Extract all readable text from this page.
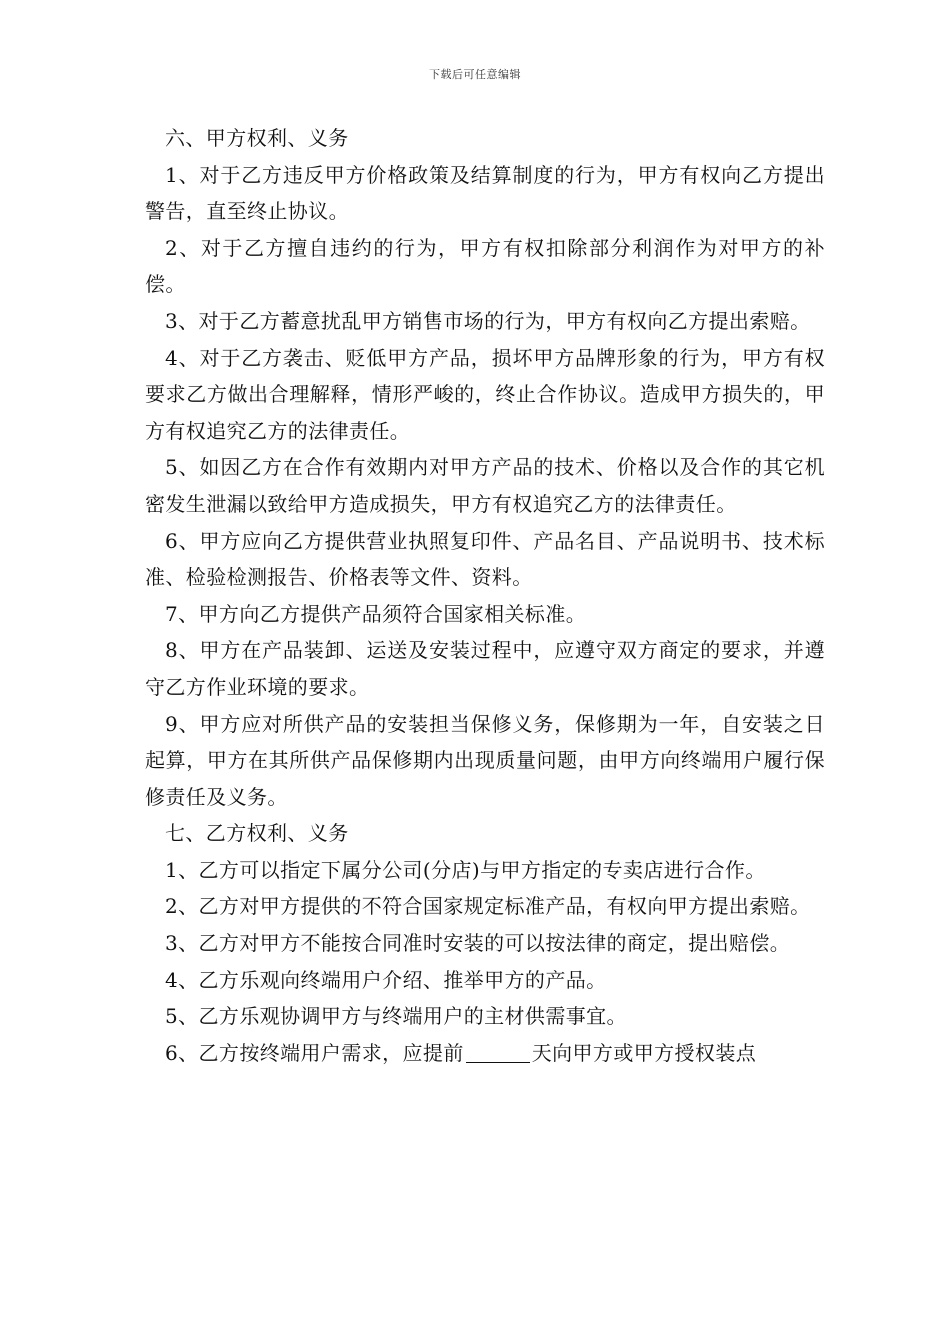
下载后可任意编辑

六、甲方权利、义务

1、对于乙方违反甲方价格政策及结算制度的行为，甲方有权向乙方提出警告，直至终止协议。

2、对于乙方擅自违约的行为，甲方有权扣除部分利润作为对甲方的补偿。

3、对于乙方蓄意扰乱甲方销售市场的行为，甲方有权向乙方提出索赔。

4、对于乙方袭击、贬低甲方产品，损坏甲方品牌形象的行为，甲方有权要求乙方做出合理解释，情形严峻的，终止合作协议。造成甲方损失的，甲方有权追究乙方的法律责任。

5、如因乙方在合作有效期内对甲方产品的技术、价格以及合作的其它机密发生泄漏以致给甲方造成损失，甲方有权追究乙方的法律责任。

6、甲方应向乙方提供营业执照复印件、产品名目、产品说明书、技术标准、检验检测报告、价格表等文件、资料。

7、甲方向乙方提供产品须符合国家相关标准。

8、甲方在产品装卸、运送及安装过程中，应遵守双方商定的要求，并遵守乙方作业环境的要求。

9、甲方应对所供产品的安装担当保修义务，保修期为一年，自安装之日起算，甲方在其所供产品保修期内出现质量问题，由甲方向终端用户履行保修责任及义务。

七、乙方权利、义务

1、乙方可以指定下属分公司(分店)与甲方指定的专卖店进行合作。

2、乙方对甲方提供的不符合国家规定标准产品，有权向甲方提出索赔。

3、乙方对甲方不能按合同准时安装的可以按法律的商定，提出赔偿。

4、乙方乐观向终端用户介绍、推举甲方的产品。

5、乙方乐观协调甲方与终端用户的主材供需事宜。

6、乙方按终端用户需求，应提前	天向甲方或甲方授权装点
